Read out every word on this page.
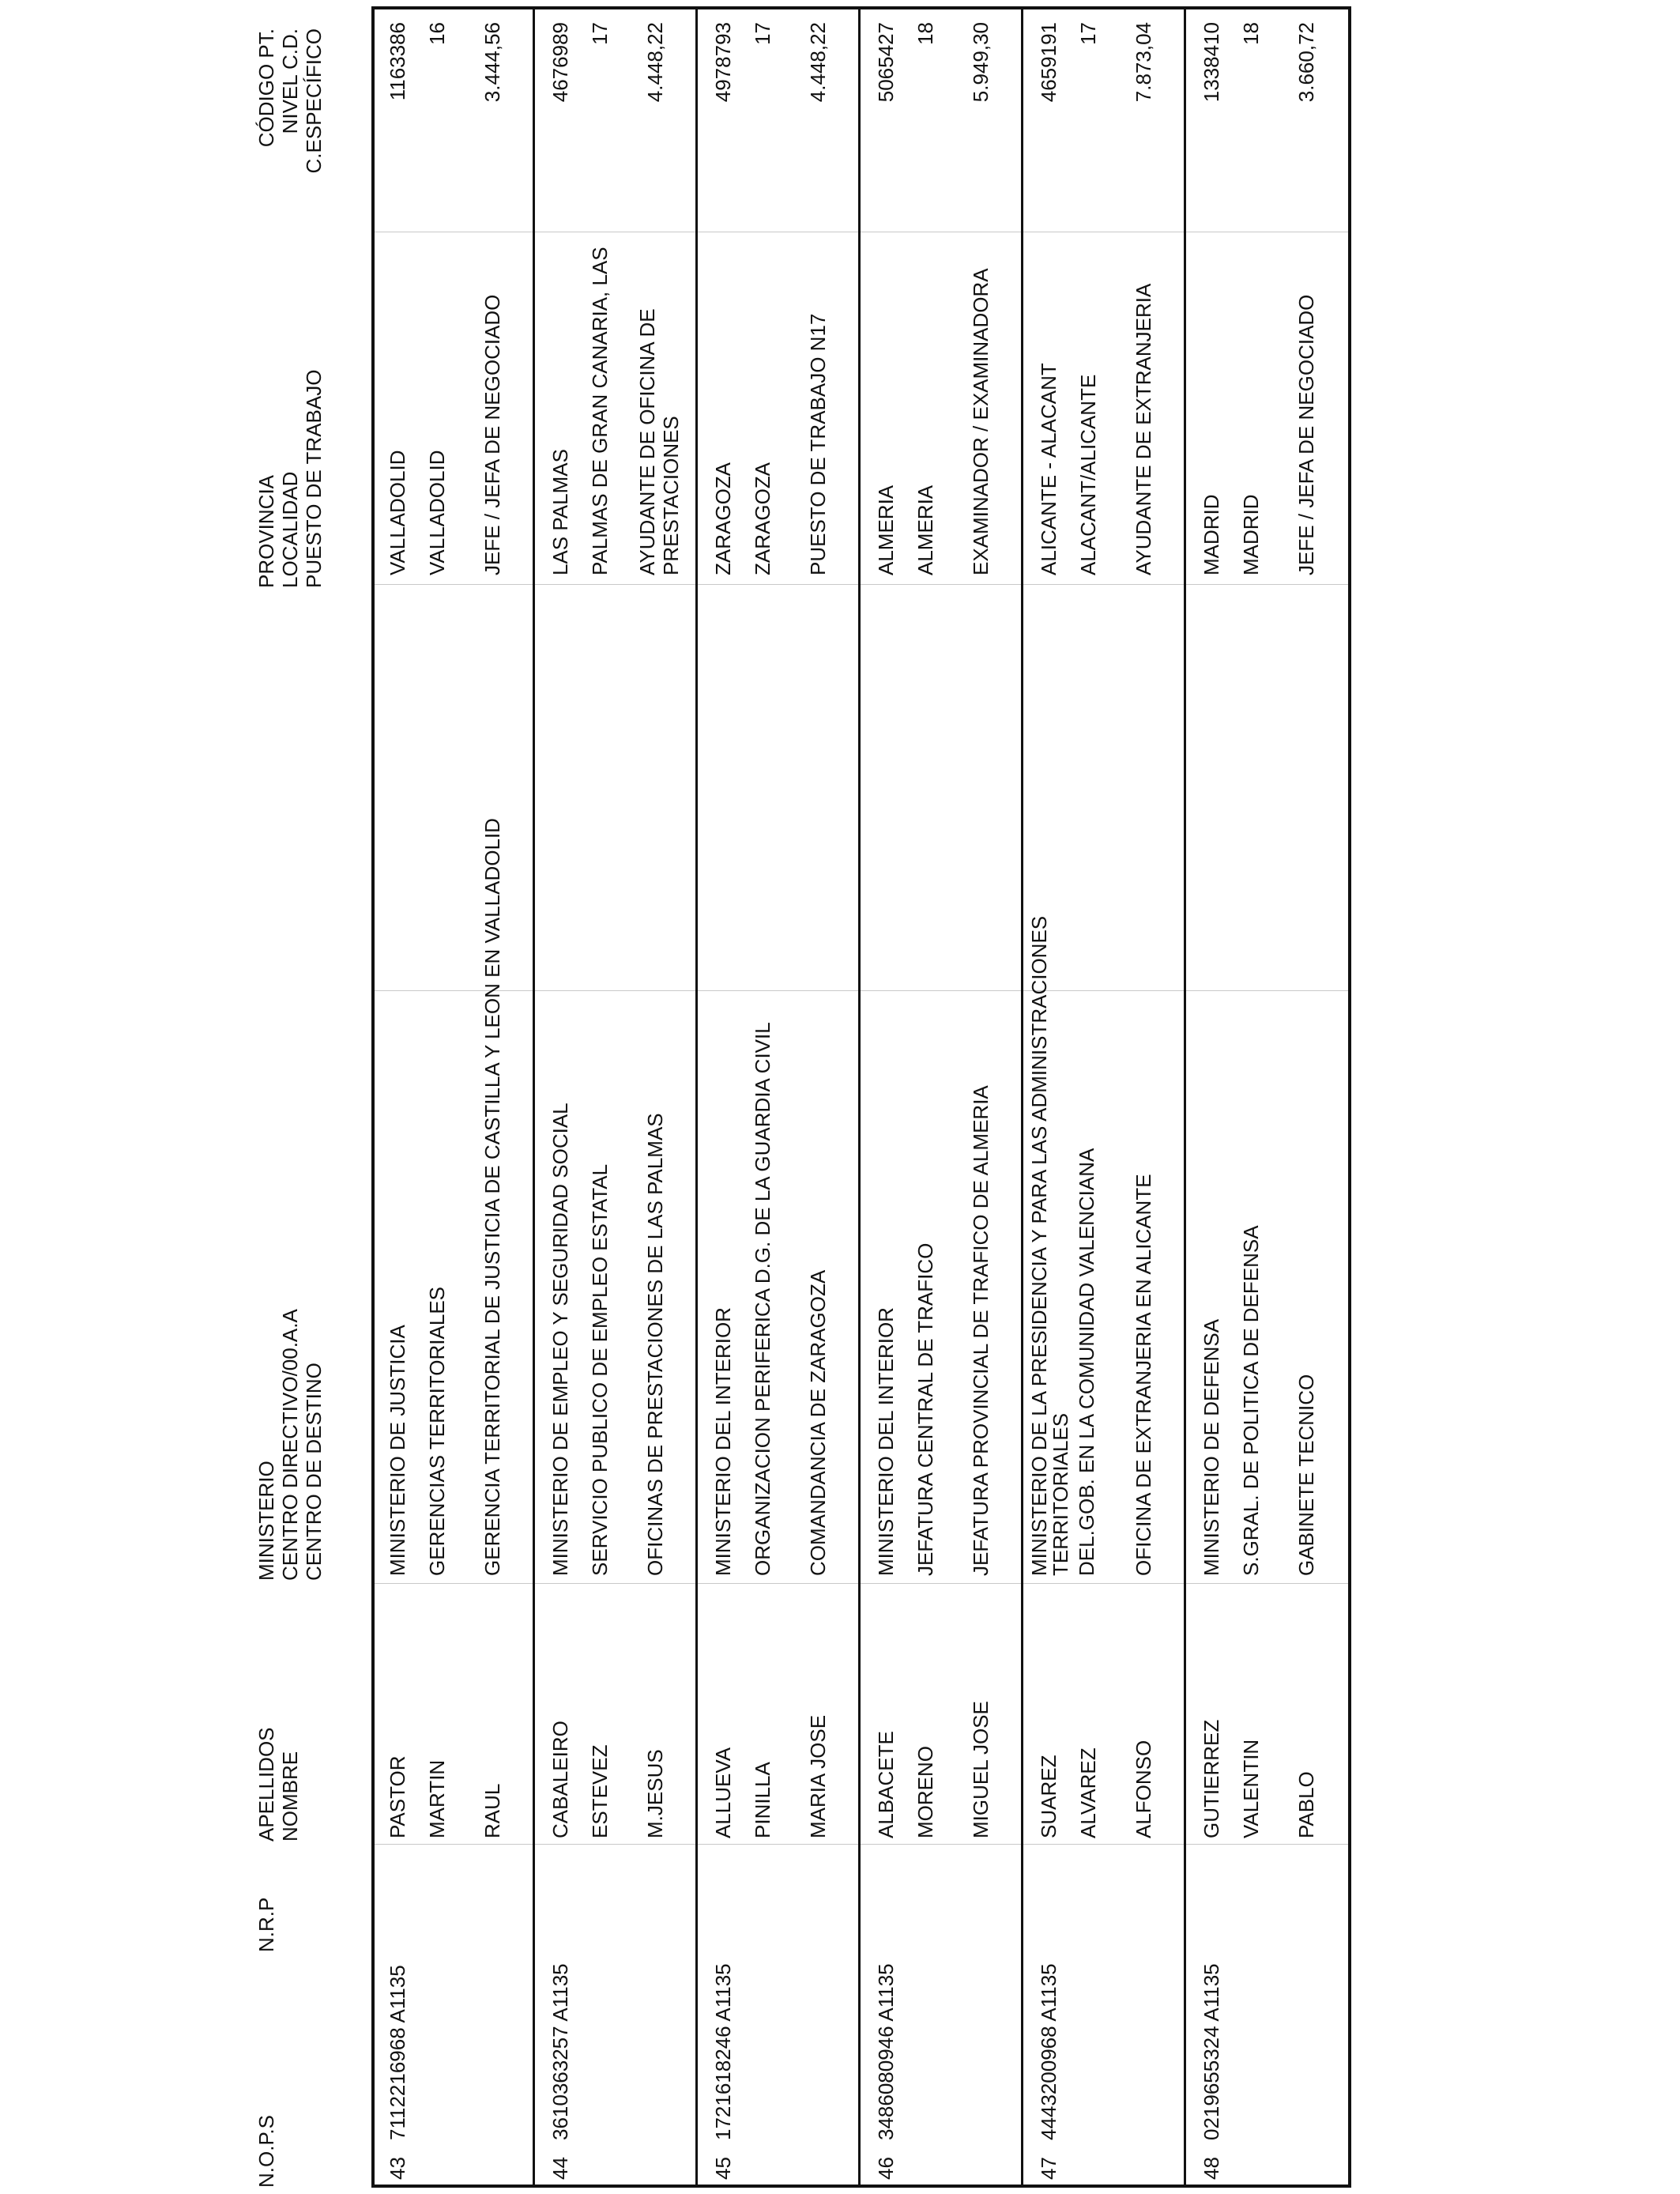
N.O.P.S
N.R.P
APELLIDOS NOMBRE
MINISTERIO CENTRO DIRECTIVO/00.A.A CENTRO DE DESTINO
PROVINCIA LOCALIDAD PUESTO DE TRABAJO
CÓDIGO PT. NIVEL C.D. C.ESPECÍFICO
43
7112216968 A1135
PASTOR MARTIN RAUL
MINISTERIO DE JUSTICIA GERENCIAS TERRITORIALES GERENCIA TERRITORIAL DE JUSTICIA DE CASTILLA Y LEON EN VALLADOLID
VALLADOLID VALLADOLID JEFE / JEFA DE NEGOCIADO
1163386 16 3.444,56
44
3610363257 A1135
CABALEIRO ESTEVEZ M.JESUS
MINISTERIO DE EMPLEO Y SEGURIDAD SOCIAL SERVICIO PUBLICO DE EMPLEO ESTATAL OFICINAS DE PRESTACIONES DE LAS PALMAS
LAS PALMAS PALMAS DE GRAN CANARIA, LAS AYUDANTE DE OFICINA DE PRESTACIONES
4676989 17 4.448,22
45
1721618246 A1135
ALLUEVA PINILLA MARIA JOSE
MINISTERIO DEL INTERIOR ORGANIZACION PERIFERICA D.G. DE LA GUARDIA CIVIL COMANDANCIA DE ZARAGOZA
ZARAGOZA ZARAGOZA PUESTO DE TRABAJO N17
4978793 17 4.448,22
46
3486080946 A1135
ALBACETE MORENO MIGUEL JOSE
MINISTERIO DEL INTERIOR JEFATURA CENTRAL DE TRAFICO JEFATURA PROVINCIAL DE TRAFICO DE ALMERIA
ALMERIA ALMERIA EXAMINADOR / EXAMINADORA
5065427 18 5.949,30
47
4443200968 A1135
SUAREZ ALVAREZ ALFONSO
MINISTERIO DE LA PRESIDENCIA Y PARA LAS ADMINISTRACIONES TERRITORIALES DEL.GOB. EN LA COMUNIDAD VALENCIANA OFICINA DE EXTRANJERIA EN ALICANTE
ALICANTE - ALACANT ALACANT/ALICANTE AYUDANTE DE EXTRANJERIA
4659191 17 7.873,04
48
0219655324 A1135
GUTIERREZ VALENTIN PABLO
MINISTERIO DE DEFENSA S.GRAL. DE POLITICA DE DEFENSA GABINETE TECNICO
MADRID MADRID JEFE / JEFA DE NEGOCIADO
1338410 18 3.660,72
